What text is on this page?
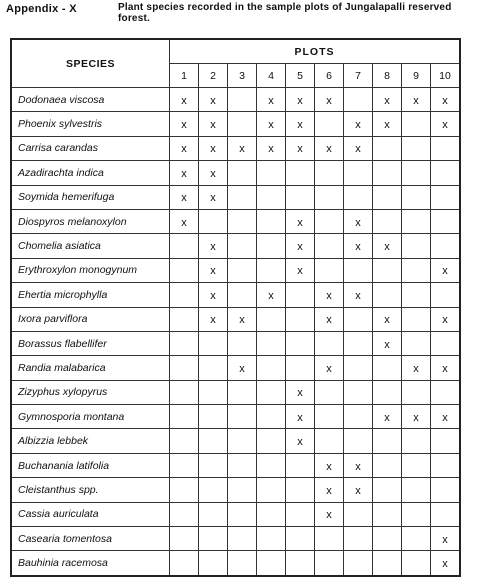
Appendix - X	Plant species recorded in the sample plots of Jungalapalli reserved forest.
SPECIES	PLOTS									
	1	2	3	4	5	6	7	8	9	10
Dodonaea viscosa	x	x		x	x	x		x	x	x
Phoenix sylvestris	x	x		x	x		x	x		x
Carrisa carandas	x	x	x	x	x	x	x			
Azadirachta indica	x	x								
Soymida hemerifuga	x	x								
Diospyros melanoxylon	x				x		x			
Chomelia asiatica		x			x		x	x		
Erythroxylon monogynum		x			x					x
Ehertia microphylla		x		x		x	x			
Ixora parviflora		x	x			x		x		x
Borassus flabellifer								x		
Randia malabarica			x			x			x	x
Zizyphus xylopyrus					x					
Gymnosporia montana					x			x	x	x
Albizzia lebbek					x					
Buchanania latifolia						x	x			
Cleistanthus spp.						x	x			
Cassia auriculata						x				
Casearia tomentosa										x
Bauhinia racemosa										x
